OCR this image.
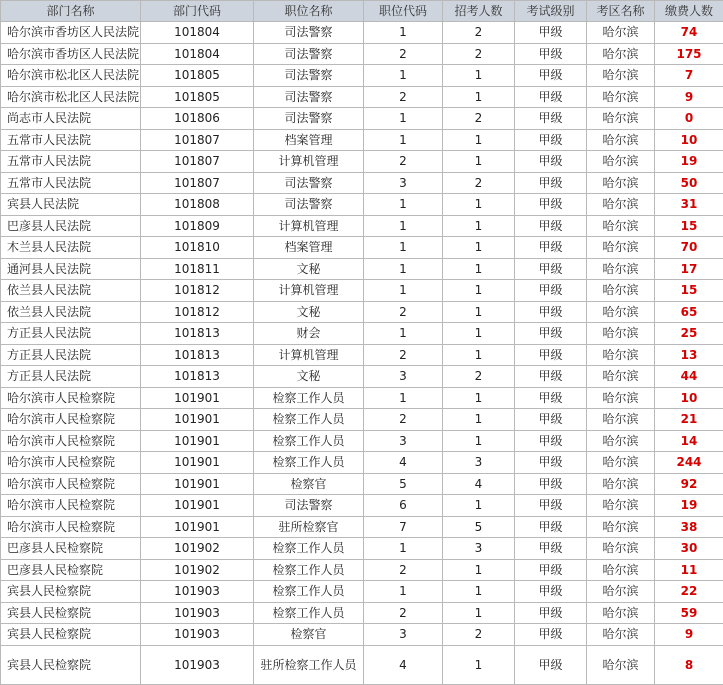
部门名称	部门代码	职位名称	职位代码	招考人数	考试级别	考区名称	缴费人数
哈尔滨市香坊区人民法院	101804	司法警察	1	2	甲级	哈尔滨	74
哈尔滨市香坊区人民法院	101804	司法警察	2	2	甲级	哈尔滨	175
哈尔滨市松北区人民法院	101805	司法警察	1	1	甲级	哈尔滨	7
哈尔滨市松北区人民法院	101805	司法警察	2	1	甲级	哈尔滨	9
尚志市人民法院	101806	司法警察	1	2	甲级	哈尔滨	0
五常市人民法院	101807	档案管理	1	1	甲级	哈尔滨	10
五常市人民法院	101807	计算机管理	2	1	甲级	哈尔滨	19
五常市人民法院	101807	司法警察	3	2	甲级	哈尔滨	50
宾县人民法院	101808	司法警察	1	1	甲级	哈尔滨	31
巴彦县人民法院	101809	计算机管理	1	1	甲级	哈尔滨	15
木兰县人民法院	101810	档案管理	1	1	甲级	哈尔滨	70
通河县人民法院	101811	文秘	1	1	甲级	哈尔滨	17
依兰县人民法院	101812	计算机管理	1	1	甲级	哈尔滨	15
依兰县人民法院	101812	文秘	2	1	甲级	哈尔滨	65
方正县人民法院	101813	财会	1	1	甲级	哈尔滨	25
方正县人民法院	101813	计算机管理	2	1	甲级	哈尔滨	13
方正县人民法院	101813	文秘	3	2	甲级	哈尔滨	44
哈尔滨市人民检察院	101901	检察工作人员	1	1	甲级	哈尔滨	10
哈尔滨市人民检察院	101901	检察工作人员	2	1	甲级	哈尔滨	21
哈尔滨市人民检察院	101901	检察工作人员	3	1	甲级	哈尔滨	14
哈尔滨市人民检察院	101901	检察工作人员	4	3	甲级	哈尔滨	244
哈尔滨市人民检察院	101901	检察官	5	4	甲级	哈尔滨	92
哈尔滨市人民检察院	101901	司法警察	6	1	甲级	哈尔滨	19
哈尔滨市人民检察院	101901	驻所检察官	7	5	甲级	哈尔滨	38
巴彦县人民检察院	101902	检察工作人员	1	3	甲级	哈尔滨	30
巴彦县人民检察院	101902	检察工作人员	2	1	甲级	哈尔滨	11
宾县人民检察院	101903	检察工作人员	1	1	甲级	哈尔滨	22
宾县人民检察院	101903	检察工作人员	2	1	甲级	哈尔滨	59
宾县人民检察院	101903	检察官	3	2	甲级	哈尔滨	9
宾县人民检察院	101903	驻所检察工作人员	4	1	甲级	哈尔滨	8
